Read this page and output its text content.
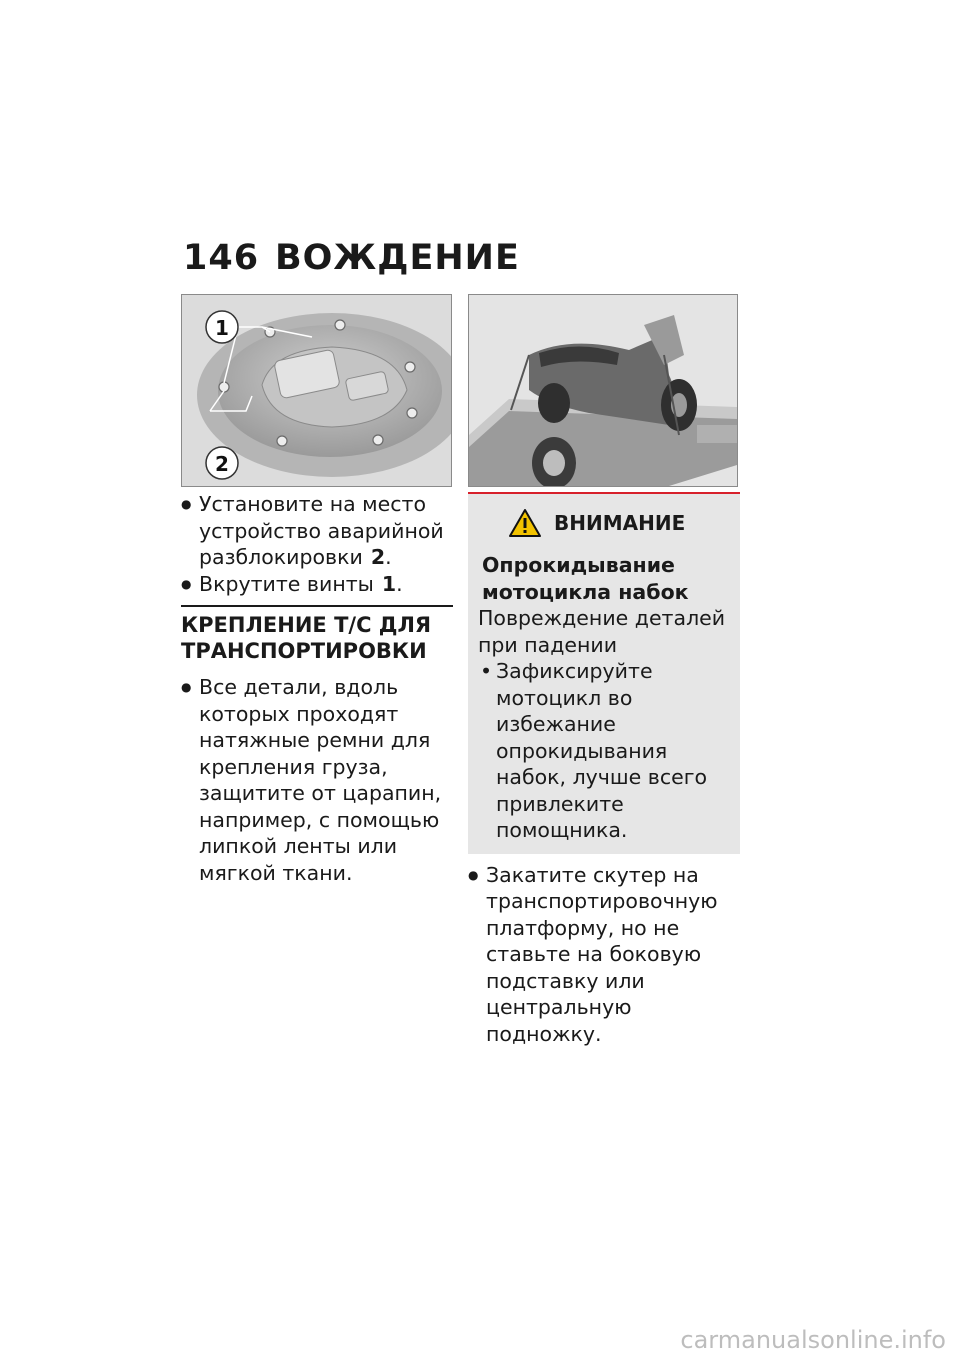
146 ВОЖДЕНИЕ
1
2
● Установите на место устройство аварийной разблокировки 2.
● Вкрутите винты 1.
КРЕПЛЕНИЕ Т/С ДЛЯ ТРАНСПОРТИРОВКИ
● Все детали, вдоль которых проходят натяжные ремни для крепления груза, защитите от царапин, например, с помощью липкой ленты или мягкой ткани.
ВНИМАНИЕ
Опрокидывание мотоцикла набок
Повреждение деталей при падении
• Зафиксируйте мотоцикл во избежание опрокидывания набок, лучше всего привлеките помощника.
● Закатите скутер на транспортировочную платформу, но не ставьте на боковую подставку или центральную подножку.
carmanualsonline.info
